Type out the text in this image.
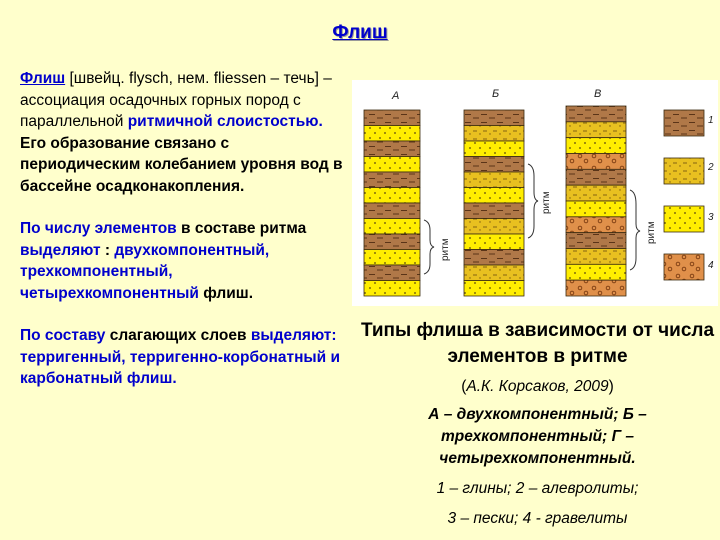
Флиш

Флиш [швейц. flysch, нем. fliessen – течь] – ассоциация осадочных горных пород с параллельной ритмичной слоистостью. Его образование связано с периодическим колебанием уровня вод в бассейне осадконакопления.

По числу элементов в составе ритма выделяют : двухкомпонентный, трехкомпонентный, четырехкомпонентный флиш.

По составу слагающих слоев выделяют: терригенный, терригенно-корбонатный и карбонатный флиш.

А	Б	В
ритм
ритм
ритм
1
2
3
4
Типы флиша в зависимости от числа элементов в ритме
(А.К. Корсаков, 2009)
А – двухкомпонентный; Б – трехкомпонентный; Г – четырехкомпонентный.
1 – глины; 2 – алевролиты;
3 – пески; 4 - гравелиты
